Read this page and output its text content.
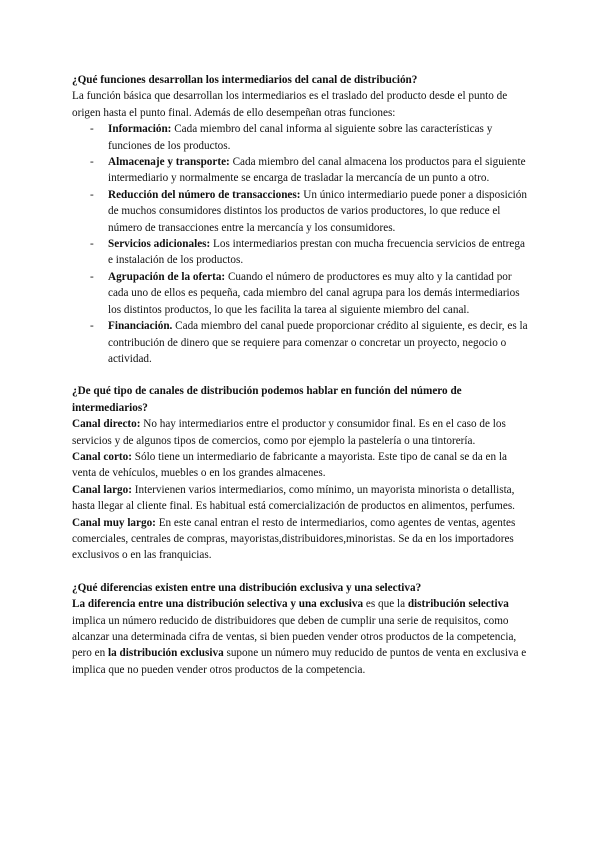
¿Qué funciones desarrollan los intermediarios del canal de distribución?

La función básica que desarrollan los intermediarios es el traslado del producto desde el punto de origen hasta el punto final. Además de ello desempeñan otras funciones:

- Información: Cada miembro del canal informa al siguiente sobre las características y funciones de los productos.
- Almacenaje y transporte: Cada miembro del canal almacena los productos para el siguiente intermediario y normalmente se encarga de trasladar la mercancía de un punto a otro.
- Reducción del número de transacciones: Un único intermediario puede poner a disposición de muchos consumidores distintos los productos de varios productores, lo que reduce el número de transacciones entre la mercancía y los consumidores.
- Servicios adicionales: Los intermediarios prestan con mucha frecuencia servicios de entrega e instalación de los productos.
- Agrupación de la oferta: Cuando el número de productores es muy alto y la cantidad por cada uno de ellos es pequeña, cada miembro del canal agrupa para los demás intermediarios los distintos productos, lo que les facilita la tarea al siguiente miembro del canal.
- Financiación. Cada miembro del canal puede proporcionar crédito al siguiente, es decir, es la contribución de dinero que se requiere para comenzar o concretar un proyecto, negocio o actividad.

¿De qué tipo de canales de distribución podemos hablar en función del número de intermediarios?

Canal directo: No hay intermediarios entre el productor y consumidor final. Es en el caso de los servicios y de algunos tipos de comercios, como por ejemplo la pastelería o una tintorería.

Canal corto: Sólo tiene un intermediario de fabricante a mayorista. Este tipo de canal se da en la venta de vehículos, muebles o en los grandes almacenes.

Canal largo: Intervienen varios intermediarios, como mínimo, un mayorista minorista o detallista, hasta llegar al cliente final. Es habitual está comercialización de productos en alimentos, perfumes.

Canal muy largo: En este canal entran el resto de intermediarios, como agentes de ventas, agentes comerciales, centrales de compras, mayoristas,distribuidores,minoristas. Se da en los importadores exclusivos o en las franquicias.

¿Qué diferencias existen entre una distribución exclusiva y una selectiva?

La diferencia entre una distribución selectiva y una exclusiva es que la distribución selectiva implica un número reducido de distribuidores que deben de cumplir una serie de requisitos, como alcanzar una determinada cifra de ventas, si bien pueden vender otros productos de la competencia, pero en la distribución exclusiva supone un número muy reducido de puntos de venta en exclusiva e implica que no pueden vender otros productos de la competencia.
